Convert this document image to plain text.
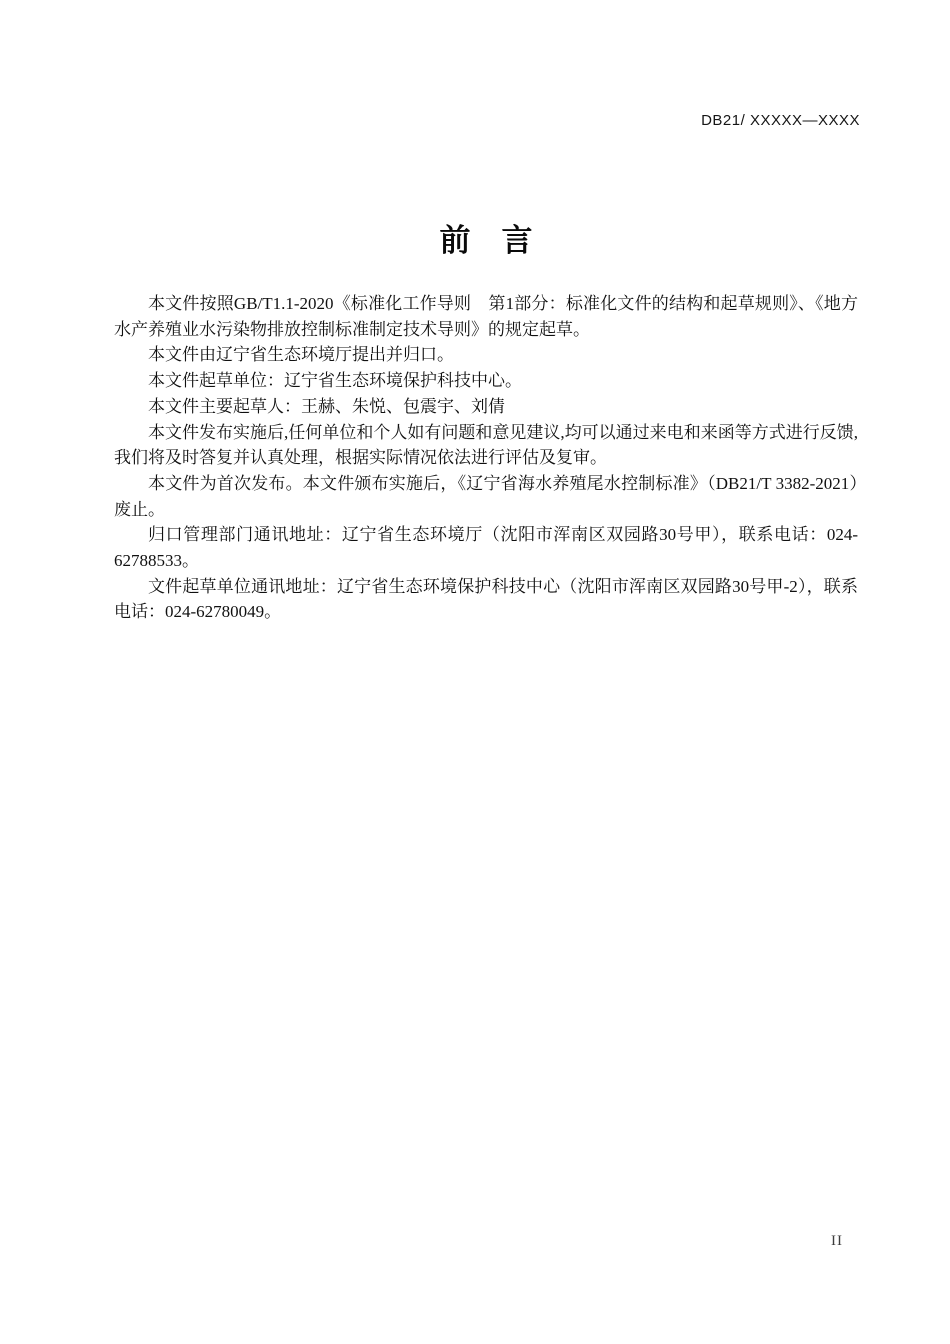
DB21/ XXXXX—XXXX
前　言

本文件按照GB/T1.1-2020《标准化工作导则　第1部分：标准化文件的结构和起草规则》、《地方水产养殖业水污染物排放控制标准制定技术导则》的规定起草。

本文件由辽宁省生态环境厅提出并归口。

本文件起草单位：辽宁省生态环境保护科技中心。

本文件主要起草人：王赫、朱悦、包震宇、刘倩

本文件发布实施后,任何单位和个人如有问题和意见建议,均可以通过来电和来函等方式进行反馈,我们将及时答复并认真处理，根据实际情况依法进行评估及复审。

本文件为首次发布。本文件颁布实施后，《辽宁省海水养殖尾水控制标准》（DB21/T 3382-2021）废止。

归口管理部门通讯地址：辽宁省生态环境厅（沈阳市浑南区双园路30号甲），联系电话：024-62788533。

文件起草单位通讯地址：辽宁省生态环境保护科技中心（沈阳市浑南区双园路30号甲-2），联系电话：024-62780049。

II
